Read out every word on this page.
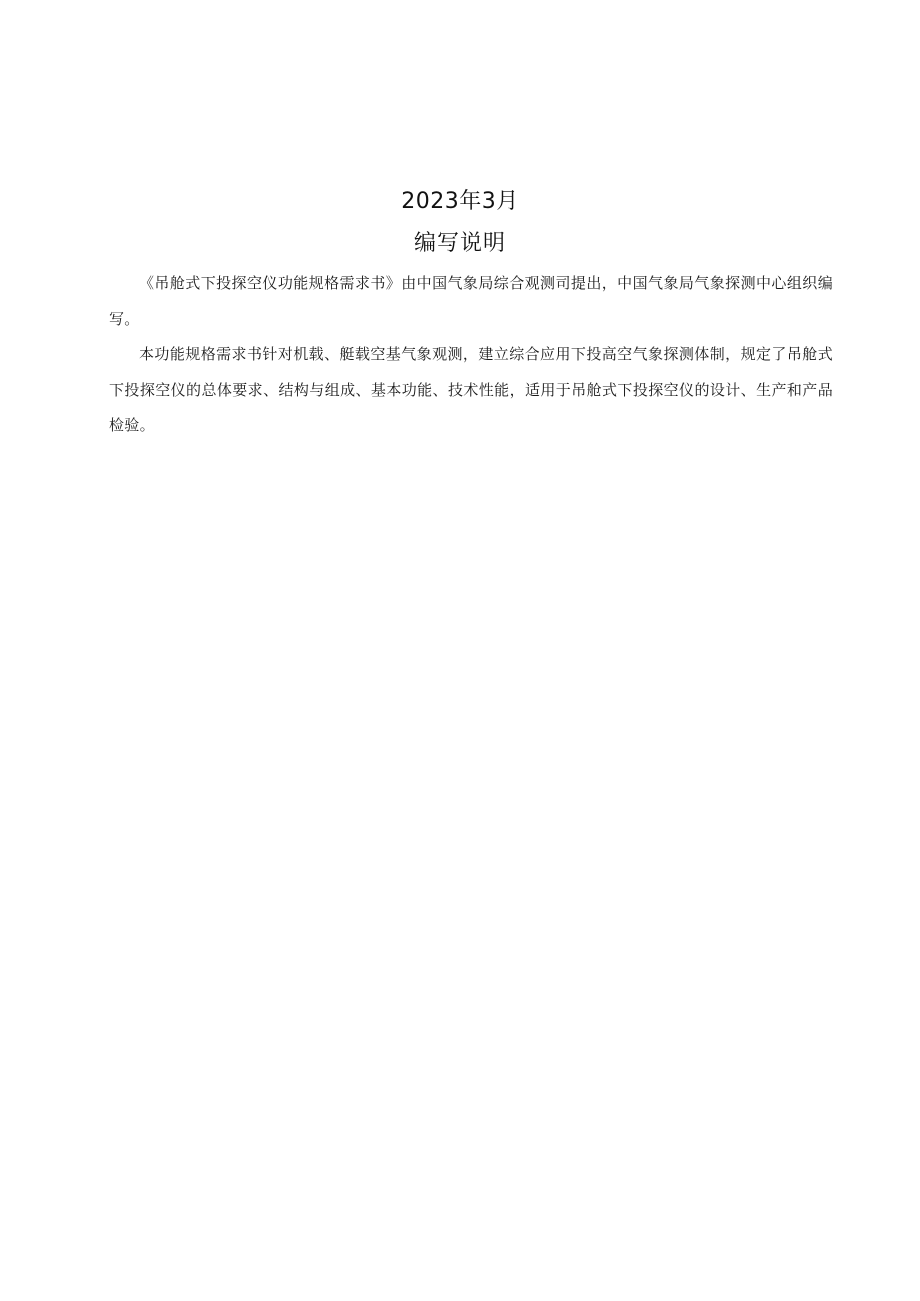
2023年3月
编写说明

《吊舱式下投探空仪功能规格需求书》由中国气象局综合观测司提出，中国气象局气象探测中心组织编写。

本功能规格需求书针对机载、艇载空基气象观测，建立综合应用下投高空气象探测体制，规定了吊舱式下投探空仪的总体要求、结构与组成、基本功能、技术性能，适用于吊舱式下投探空仪的设计、生产和产品检验。
